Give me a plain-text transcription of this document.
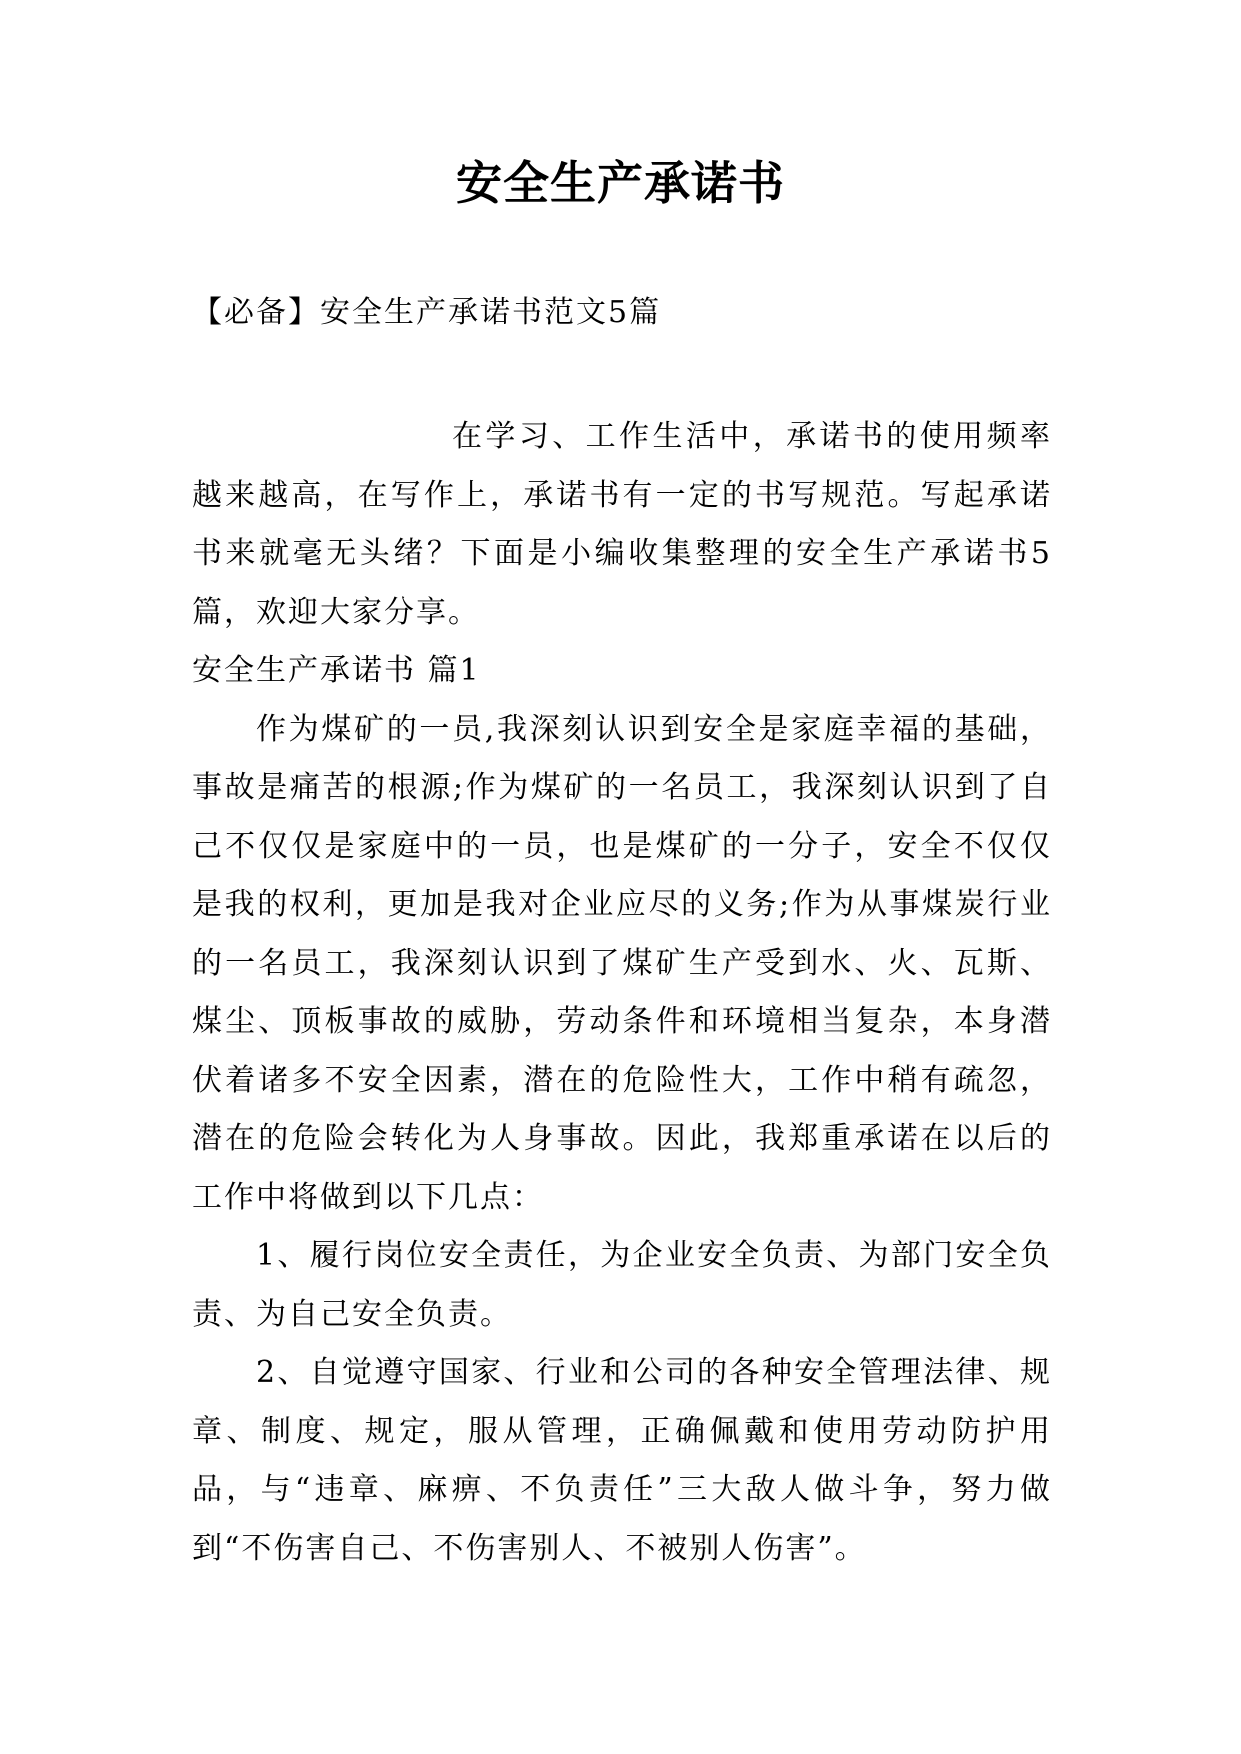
安全生产承诺书
【必备】安全生产承诺书范文5篇

在学习、工作生活中，承诺书的使用频率越来越高，在写作上，承诺书有一定的书写规范。写起承诺书来就毫无头绪？下面是小编收集整理的安全生产承诺书5篇，欢迎大家分享。

安全生产承诺书 篇1

作为煤矿的一员,我深刻认识到安全是家庭幸福的基础，事故是痛苦的根源;作为煤矿的一名员工，我深刻认识到了自己不仅仅是家庭中的一员，也是煤矿的一分子，安全不仅仅是我的权利，更加是我对企业应尽的义务;作为从事煤炭行业的一名员工，我深刻认识到了煤矿生产受到水、火、瓦斯、煤尘、顶板事故的威胁，劳动条件和环境相当复杂，本身潜伏着诸多不安全因素，潜在的危险性大，工作中稍有疏忽，潜在的危险会转化为人身事故。因此，我郑重承诺在以后的工作中将做到以下几点：

1、履行岗位安全责任，为企业安全负责、为部门安全负责、为自己安全负责。

2、自觉遵守国家、行业和公司的各种安全管理法律、规章、制度、规定，服从管理，正确佩戴和使用劳动防护用品，与“违章、麻痹、不负责任”三大敌人做斗争，努力做到“不伤害自己、不伤害别人、不被别人伤害”。
